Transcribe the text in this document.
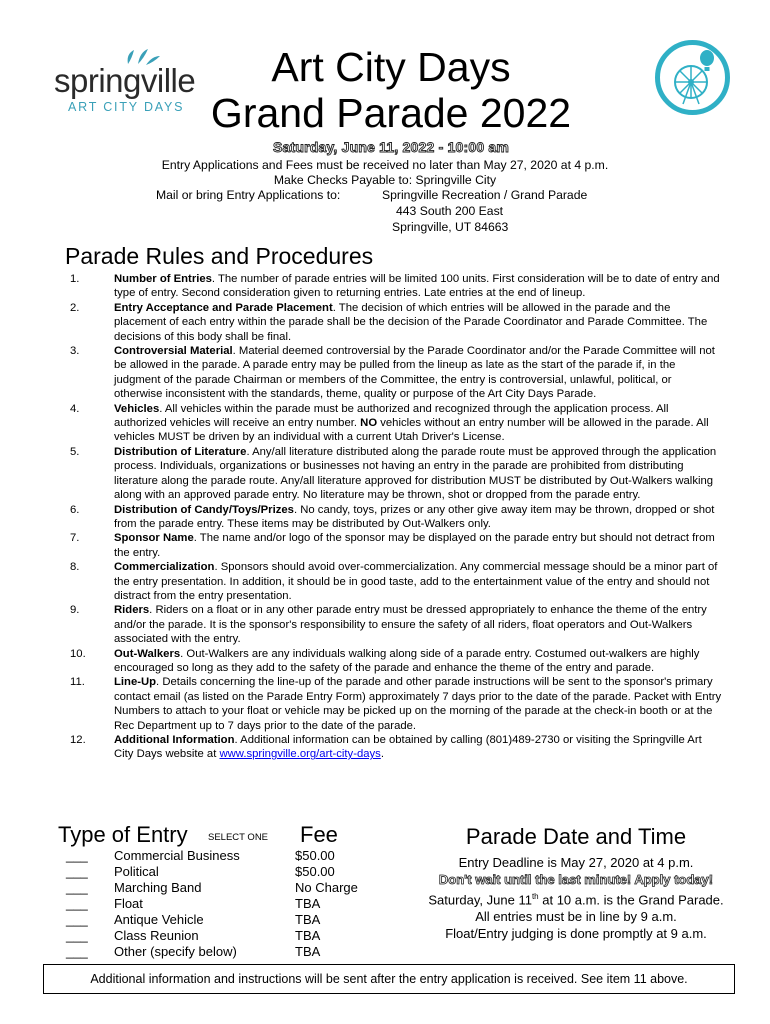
springville
ART CITY DAYS
Art City Days
Grand Parade 2022
Saturday, June 11, 2022 - 10:00 am
Entry Applications and Fees must be received no later than May 27, 2020 at 4 p.m.
Make Checks Payable to: Springville City
Mail or bring Entry Applications to:	Springville Recreation / Grand Parade
443 South 200 East
Springville, UT 84663
Parade Rules and Procedures
1.	Number of Entries. The number of parade entries will be limited 100 units. First consideration will be to date of entry and type of entry. Second consideration given to returning entries. Late entries at the end of lineup.
2.	Entry Acceptance and Parade Placement. The decision of which entries will be allowed in the parade and the placement of each entry within the parade shall be the decision of the Parade Coordinator and Parade Committee. The decisions of this body shall be final.
3.	Controversial Material. Material deemed controversial by the Parade Coordinator and/or the Parade Committee will not be allowed in the parade. A parade entry may be pulled from the lineup as late as the start of the parade if, in the judgment of the parade Chairman or members of the Committee, the entry is controversial, unlawful, political, or otherwise inconsistent with the standards, theme, quality or purpose of the Art City Days Parade.
4.	Vehicles. All vehicles within the parade must be authorized and recognized through the application process. All authorized vehicles will receive an entry number. NO vehicles without an entry number will be allowed in the parade. All vehicles MUST be driven by an individual with a current Utah Driver's License.
5.	Distribution of Literature. Any/all literature distributed along the parade route must be approved through the application process. Individuals, organizations or businesses not having an entry in the parade are prohibited from distributing literature along the parade route. Any/all literature approved for distribution MUST be distributed by Out-Walkers walking along with an approved parade entry. No literature may be thrown, shot or dropped from the parade entry.
6.	Distribution of Candy/Toys/Prizes. No candy, toys, prizes or any other give away item may be thrown, dropped or shot from the parade entry. These items may be distributed by Out-Walkers only.
7.	Sponsor Name. The name and/or logo of the sponsor may be displayed on the parade entry but should not detract from the entry.
8.	Commercialization. Sponsors should avoid over-commercialization. Any commercial message should be a minor part of the entry presentation. In addition, it should be in good taste, add to the entertainment value of the entry and should not distract from the entry presentation.
9.	Riders. Riders on a float or in any other parade entry must be dressed appropriately to enhance the theme of the entry and/or the parade. It is the sponsor's responsibility to ensure the safety of all riders, float operators and Out-Walkers associated with the entry.
10.	Out-Walkers. Out-Walkers are any individuals walking along side of a parade entry. Costumed out-walkers are highly encouraged so long as they add to the safety of the parade and enhance the theme of the entry and parade.
11.	Line-Up. Details concerning the line-up of the parade and other parade instructions will be sent to the sponsor's primary contact email (as listed on the Parade Entry Form) approximately 7 days prior to the date of the parade. Packet with Entry Numbers to attach to your float or vehicle may be picked up on the morning of the parade at the check-in booth or at the Rec Department up to 7 days prior to the date of the parade.
12.	Additional Information. Additional information can be obtained by calling (801)489-2730 or visiting the Springville Art City Days website at www.springville.org/art-city-days.
Type of Entry SELECT ONE Fee
___ Commercial Business	$50.00
___ Political	$50.00
___ Marching Band	No Charge
___ Float	TBA
___ Antique Vehicle	TBA
___ Class Reunion	TBA
___ Other (specify below)	TBA
Parade Date and Time
Entry Deadline is May 27, 2020 at 4 p.m.
Don't wait until the last minute! Apply today!
Saturday, June 11th at 10 a.m. is the Grand Parade.
All entries must be in line by 9 a.m.
Float/Entry judging is done promptly at 9 a.m.
Additional information and instructions will be sent after the entry application is received. See item 11 above.
